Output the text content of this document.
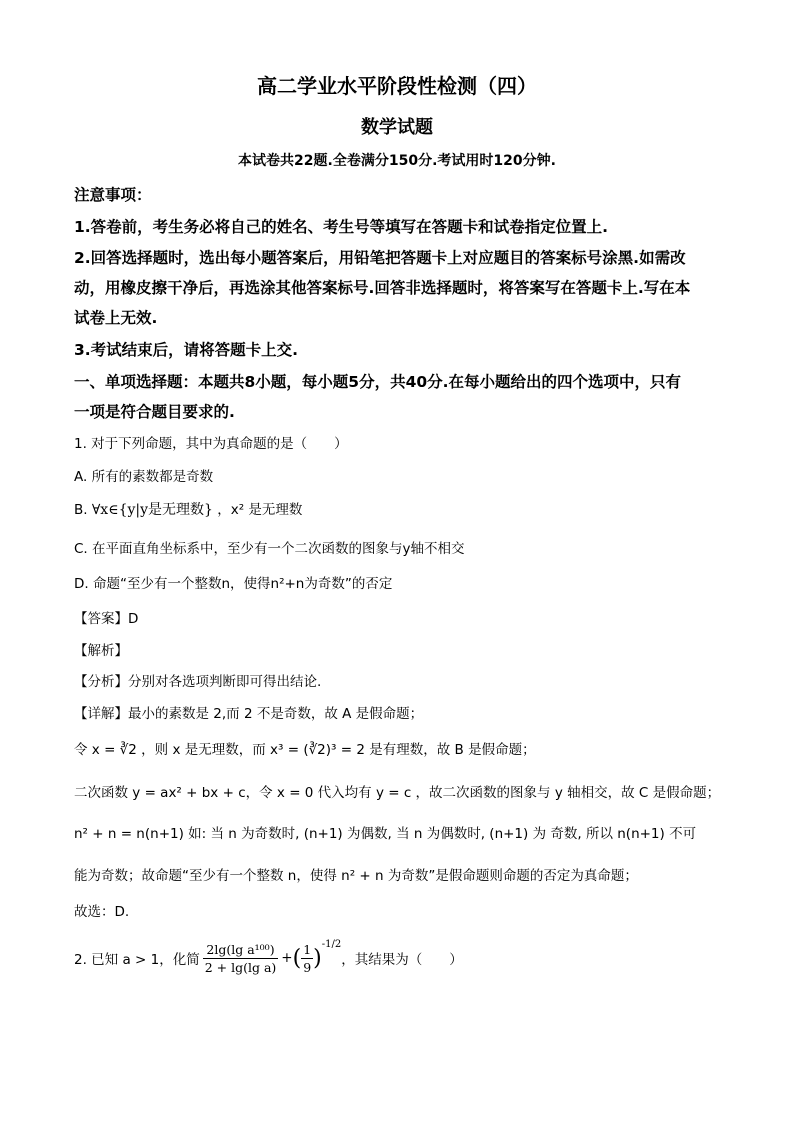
高二学业水平阶段性检测（四）
数学试题
本试卷共22题.全卷满分150分.考试用时120分钟.
注意事项：
1.答卷前，考生务必将自己的姓名、考生号等填写在答题卡和试卷指定位置上.
2.回答选择题时，选出每小题答案后，用铅笔把答题卡上对应题目的答案标号涂黑.如需改
动，用橡皮擦干净后，再选涂其他答案标号.回答非选择题时，将答案写在答题卡上.写在本
试卷上无效.
3.考试结束后，请将答题卡上交.
一、单项选择题：本题共8小题，每小题5分，共40分.在每小题给出的四个选项中，只有
一项是符合题目要求的.
1. 对于下列命题，其中为真命题的是（　　）
A. 所有的素数都是奇数
B. ∀x∈{y|y是无理数} ，x² 是无理数
C. 在平面直角坐标系中，至少有一个二次函数的图象与y轴不相交
D. 命题“至少有一个整数n，使得n²+n为奇数”的否定
【答案】D
【解析】
【分析】分别对各选项判断即可得出结论.
【详解】最小的素数是 2,而 2 不是奇数，故 A 是假命题；
令 x = ∛2 ，则 x 是无理数，而 x³ = (∛2)³ = 2 是有理数，故 B 是假命题；
二次函数 y = ax² + bx + c，令 x = 0 代入均有 y = c ，故二次函数的图象与 y 轴相交，故 C 是假命题；
n² + n = n(n+1) 如: 当 n 为奇数时, (n+1) 为偶数, 当 n 为偶数时, (n+1) 为 奇数, 所以 n(n+1) 不可
能为奇数；故命题“至少有一个整数 n，使得 n² + n 为奇数”是假命题则命题的否定为真命题；
故选：D.
2. 已知 a > 1，化简 $\frac{\text{2lg(lg a¹⁰⁰)}}{\text{2 + lg(lg a)}}$ + ( $\frac{1}{9}$ )
-1/2
，其结果为（　　）
